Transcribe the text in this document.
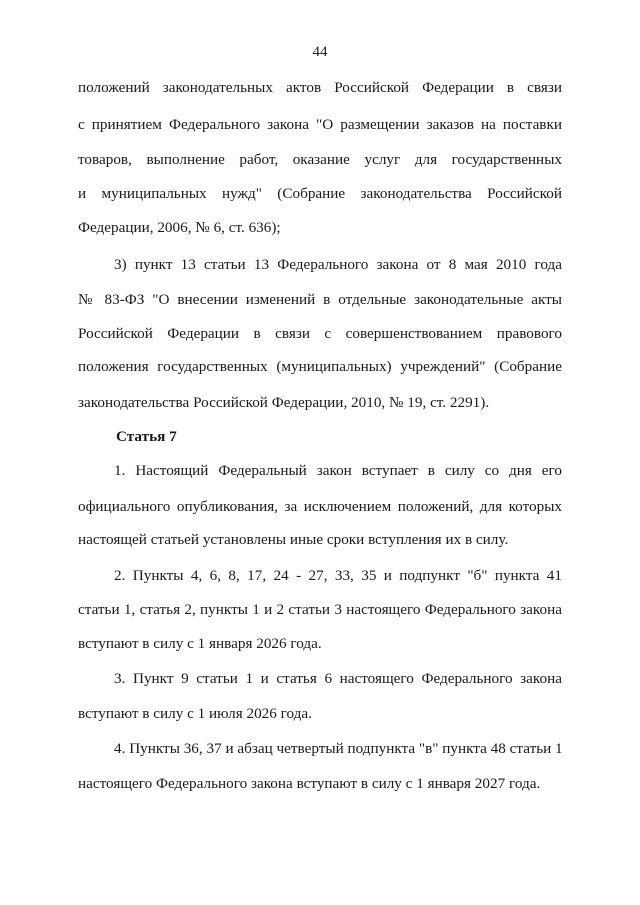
44
положений законодательных актов Российской Федерации в связи
с принятием Федерального закона "О размещении заказов на поставки
товаров, выполнение работ, оказание услуг для государственных
и муниципальных нужд" (Собрание законодательства Российской
Федерации, 2006, № 6, ст. 636);
3) пункт 13 статьи 13 Федерального закона от 8 мая 2010 года
№ 83-ФЗ "О внесении изменений в отдельные законодательные акты
Российской Федерации в связи с совершенствованием правового
положения государственных (муниципальных) учреждений" (Собрание
законодательства Российской Федерации, 2010, № 19, ст. 2291).
Статья 7
1. Настоящий Федеральный закон вступает в силу со дня его
официального опубликования, за исключением положений, для которых
настоящей статьей установлены иные сроки вступления их в силу.
2. Пункты 4, 6, 8, 17, 24 - 27, 33, 35 и подпункт "б" пункта 41
статьи 1, статья 2, пункты 1 и 2 статьи 3 настоящего Федерального закона
вступают в силу с 1 января 2026 года.
3. Пункт 9 статьи 1 и статья 6 настоящего Федерального закона
вступают в силу с 1 июля 2026 года.
4. Пункты 36, 37 и абзац четвертый подпункта "в" пункта 48 статьи 1
настоящего Федерального закона вступают в силу с 1 января 2027 года.
